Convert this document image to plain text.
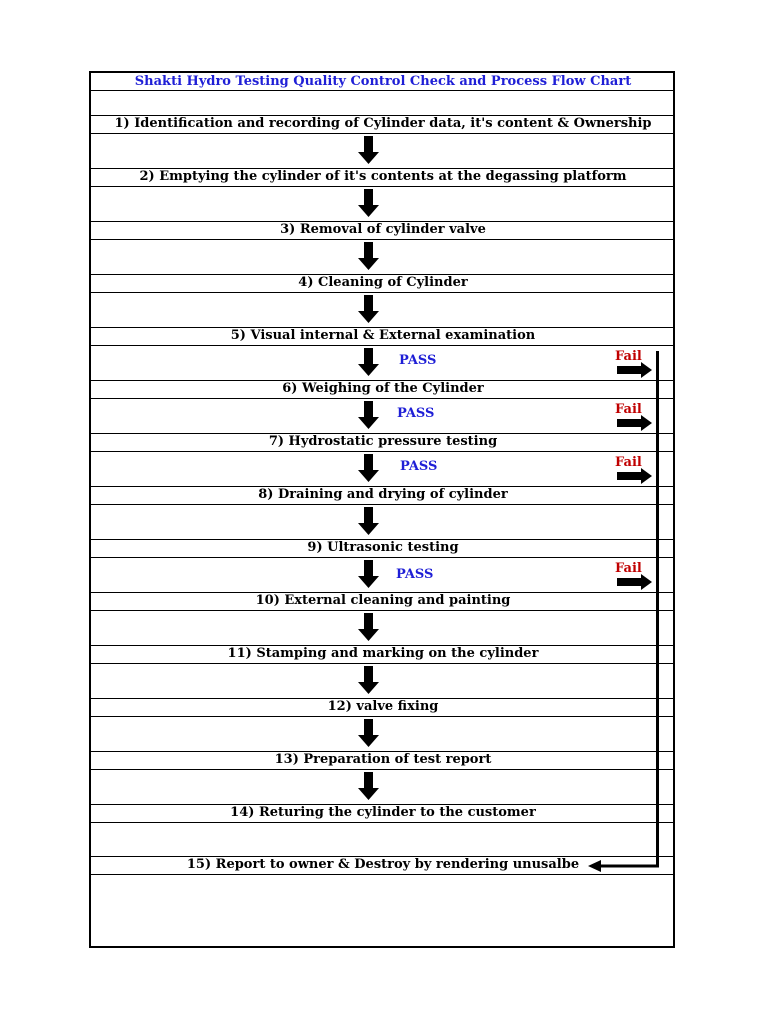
Shakti Hydro Testing Quality Control Check and Process Flow Chart
1) Identification and recording of Cylinder data, it's content & Ownership
2) Emptying the cylinder of it's contents at the degassing platform
3) Removal of cylinder valve
4) Cleaning of Cylinder
5) Visual internal & External examination
6) Weighing of the Cylinder
7) Hydrostatic pressure testing
8) Draining and drying of cylinder
9) Ultrasonic testing
10) External cleaning and painting
11) Stamping and marking on the cylinder
12) valve fixing
13) Preparation of test report
14) Returing the cylinder to the customer
15) Report to owner & Destroy by rendering unusalbe
PASS
PASS
PASS
PASS
Fail
Fail
Fail
Fail
